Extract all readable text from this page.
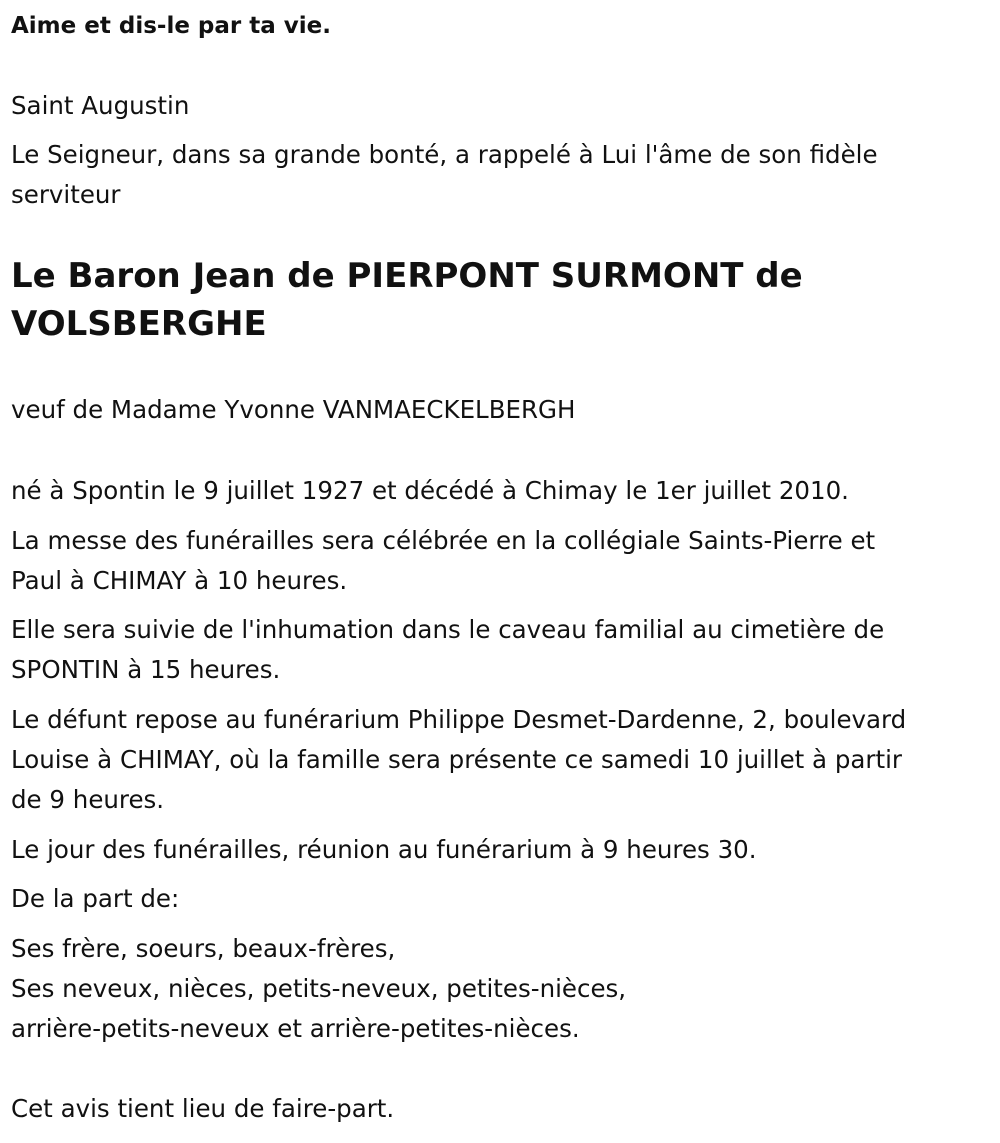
Aime et dis-le par ta vie.
Saint Augustin
Le Seigneur, dans sa grande bonté, a rappelé à Lui l'âme de son fidèle
serviteur
Le Baron Jean de PIERPONT SURMONT de
VOLSBERGHE
veuf de Madame Yvonne VANMAECKELBERGH
né à Spontin le 9 juillet 1927 et décédé à Chimay le 1er juillet 2010.
La messe des funérailles sera célébrée en la collégiale Saints-Pierre et
Paul à CHIMAY à 10 heures.
Elle sera suivie de l'inhumation dans le caveau familial au cimetière de
SPONTIN à 15 heures.
Le défunt repose au funérarium Philippe Desmet-Dardenne, 2, boulevard
Louise à CHIMAY, où la famille sera présente ce samedi 10 juillet à partir
de 9 heures.
Le jour des funérailles, réunion au funérarium à 9 heures 30.
De la part de:
Ses frère, soeurs, beaux-frères,
Ses neveux, nièces, petits-neveux, petites-nièces,
arrière-petits-neveux et arrière-petites-nièces.
Cet avis tient lieu de faire-part.
